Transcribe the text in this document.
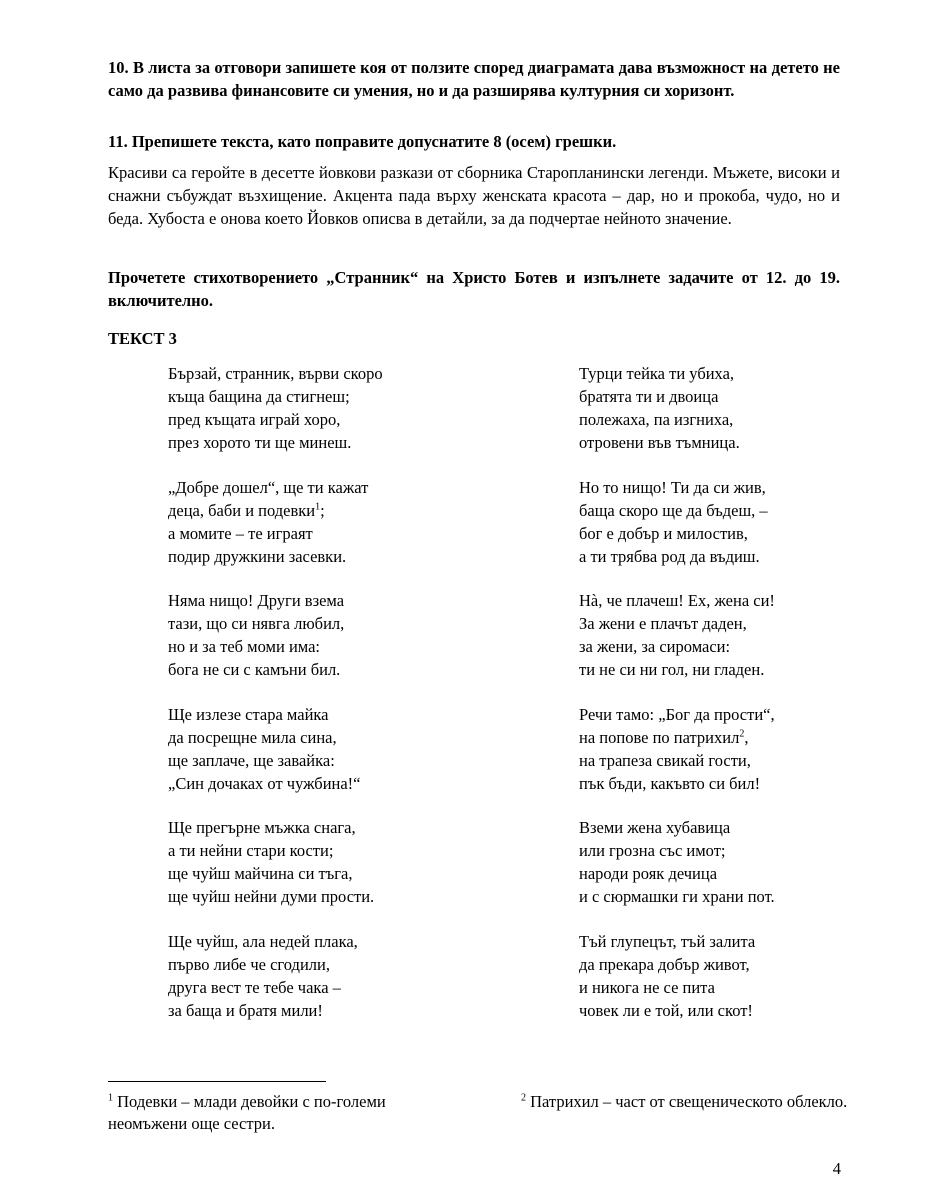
10. В листа за отговори запишете коя от ползите според диаграмата дава възможност на детето не само да развива финансовите си умения, но и да разширява културния си хоризонт.

11. Препишете текста, като поправите допуснатите 8 (осем) грешки.

Красиви са геройте в десетте йовкови разкази от сборника Старопланински легенди. Мъжете, високи и снажни събуждат възхищение. Акцента пада върху женската красота – дар, но и прокоба, чудо, но и беда. Хубоста е онова което Йовков описва в детайли, за да подчертае нейното значение.

Прочетете стихотворението „Странник“ на Христо Ботев и изпълнете задачите от 12. до 19. включително.

ТЕКСТ 3

Бързай, странник, върви скоро
къща бащина да стигнеш;
пред къщата играй хоро,
през хорото ти ще минеш.
„Добре дошел“, ще ти кажат
деца, баби и подевки$^1$;
а момите – те играят
подир дружкини засевки.
Няма нищо! Други взема
тази, що си нявга любил,
но и за теб моми има:
бога не си с камъни бил.
Ще излезе стара майка
да посрещне мила сина,
ще заплаче, ще завайка:
„Син дочаках от чужбина!“
Ще прегърне мъжка снага,
а ти нейни стари кости;
ще чуйш майчина си тъга,
ще чуйш нейни думи прости.
Ще чуйш, ала недей плака,
първо либе че сгодили,
друга вест те тебе чака –
за баща и братя мили!
Турци тейка ти убиха,
братята ти и двоица
полежаха, па изгниха,
отровени във тъмница.
Но то нищо! Ти да си жив,
баща скоро ще да бъдеш, –
бог е добър и милостив,
а ти трябва род да въдиш.
Нà, че плачеш! Ех, жена си!
За жени е плачът даден,
за жени, за сиромаси:
ти не си ни гол, ни гладен.
Речи тамо: „Бог да прости“,
на попове по патрихил$^2$,
на трапеза свикай гости,
пък бъди, какъвто си бил!
Вземи жена хубавица
или грозна със имот;
народи рояк дечица
и с сюрмашки ги храни пот.
Тъй глупецът, тъй залита
да прекара добър живот,
и никога не се пита
човек ли е той, или скот!
$^1$ Подевки – млади девойки с по-големи неомъжени още сестри.
$^2$ Патрихил – част от свещеническото облекло.
4
